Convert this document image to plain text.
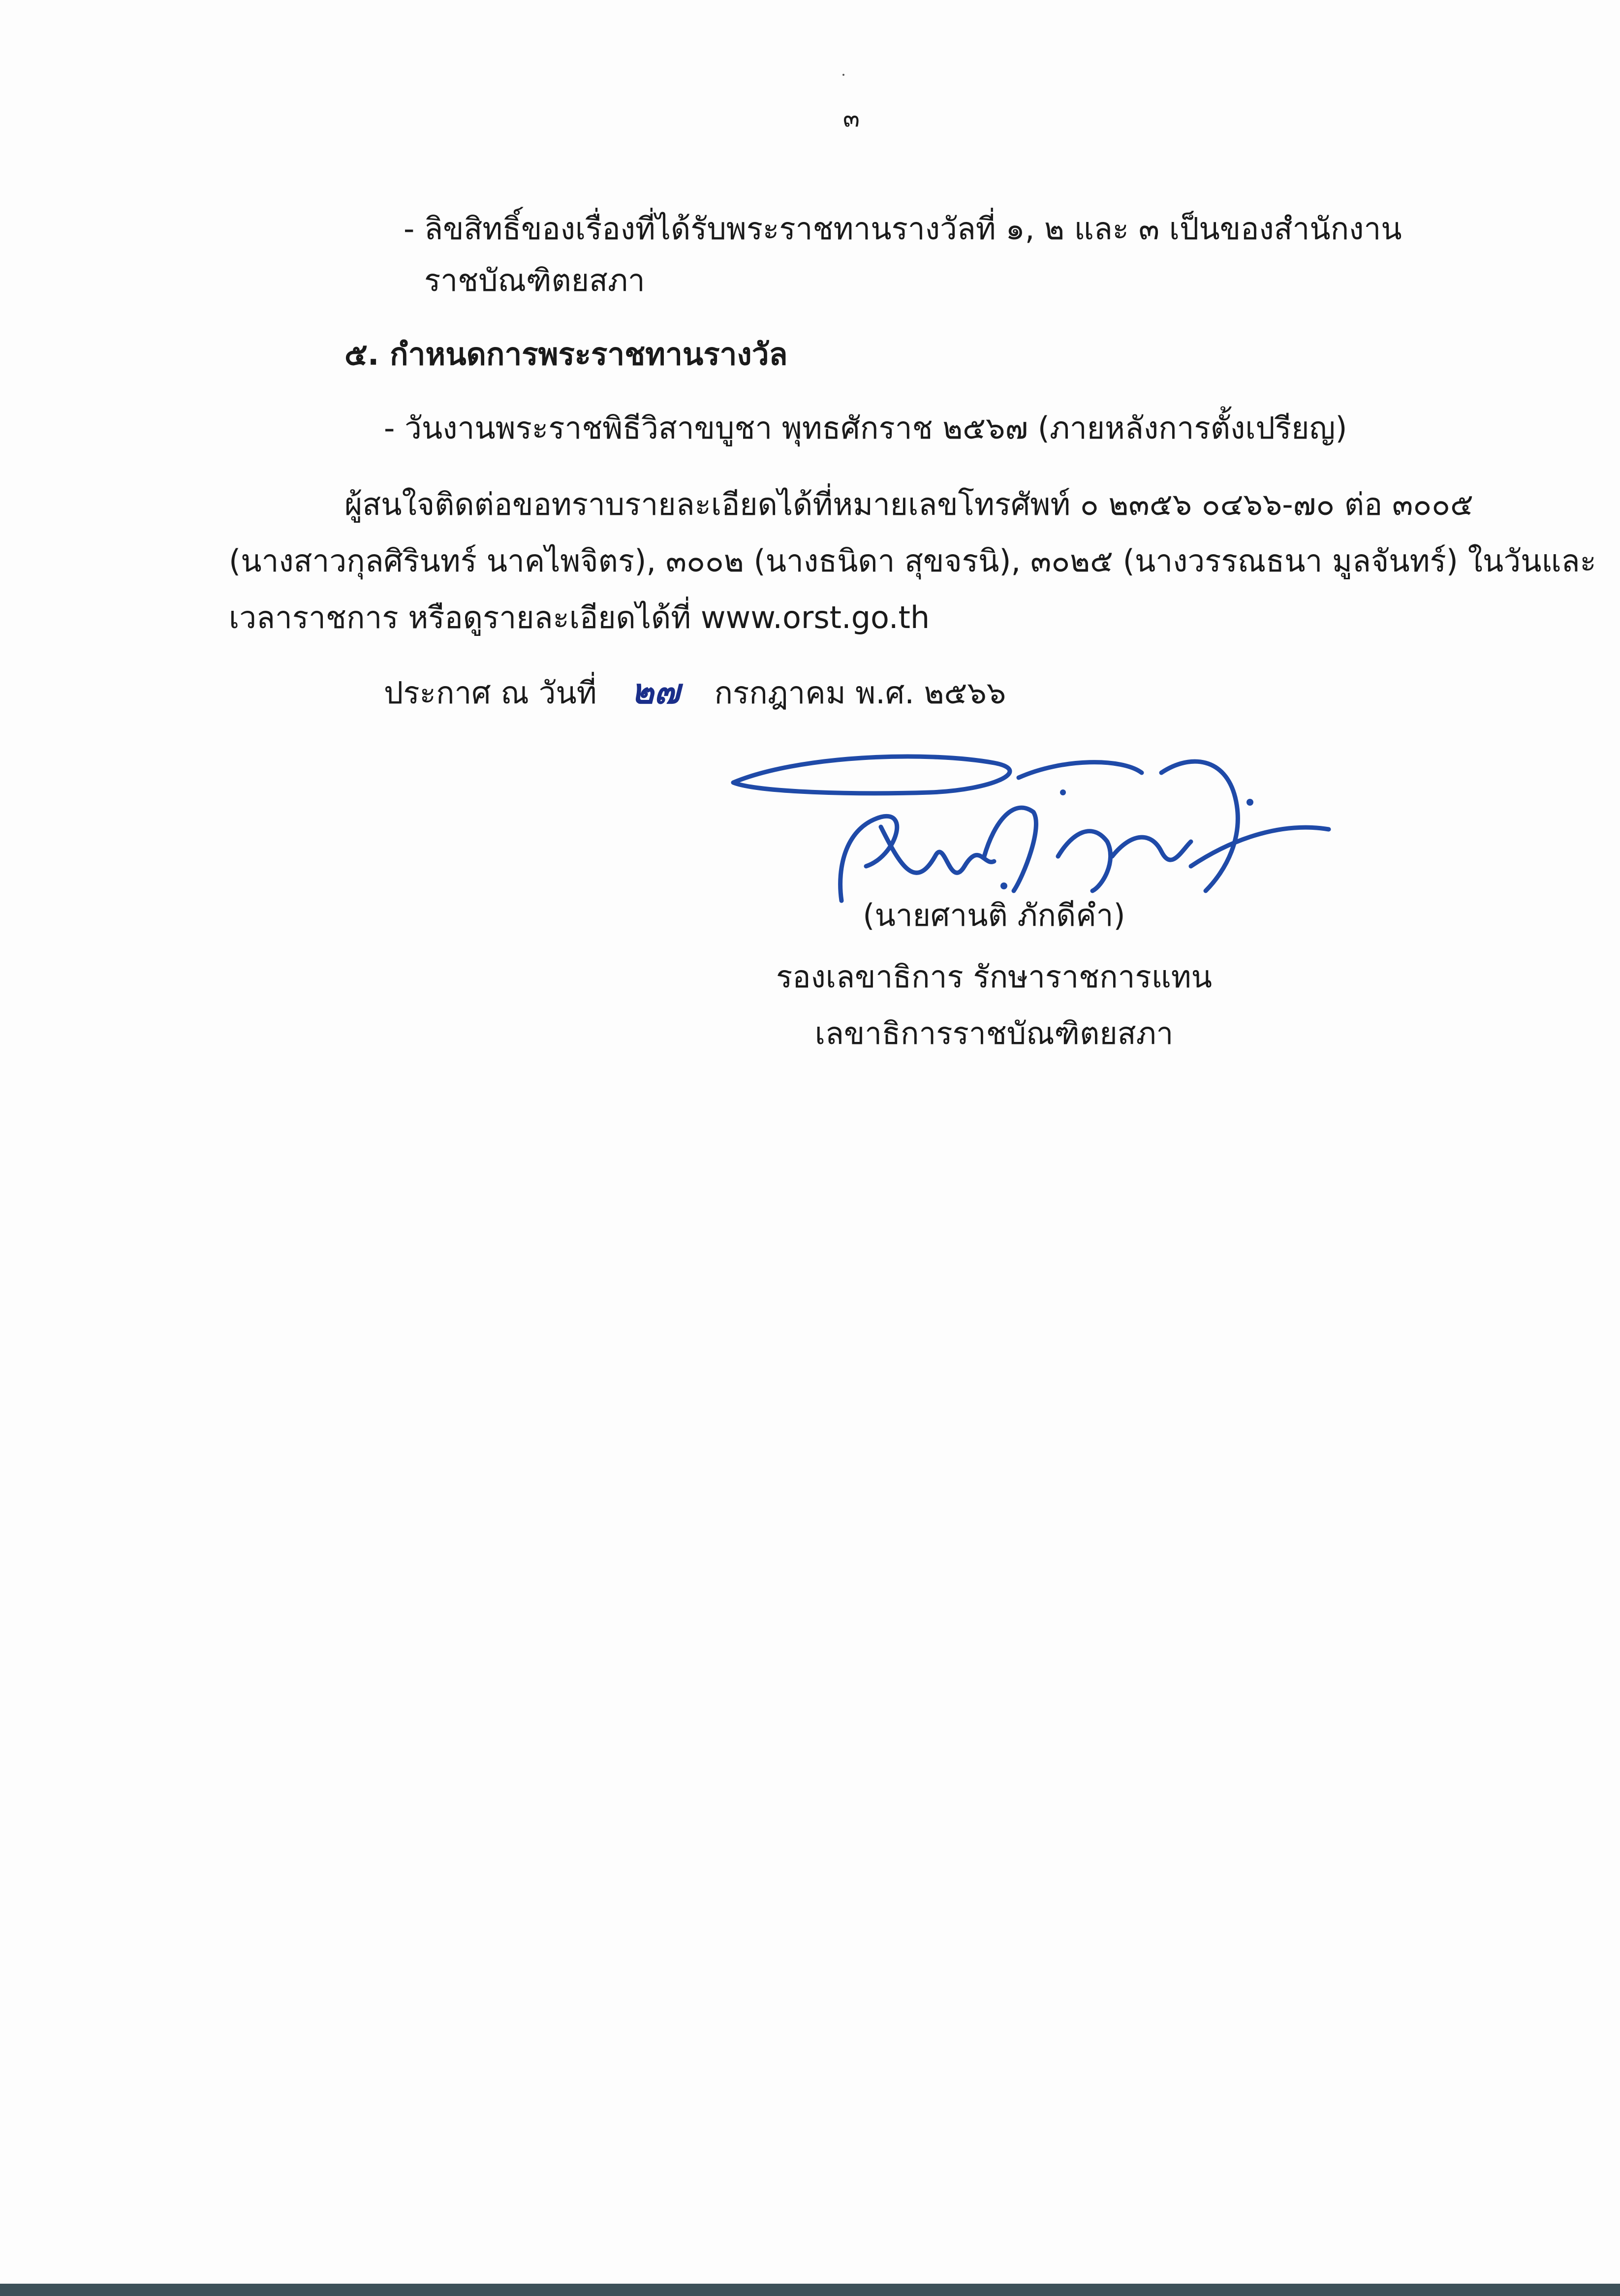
๓
- ลิขสิทธิ์ของเรื่องที่ได้รับพระราชทานรางวัลที่ ๑, ๒ และ ๓ เป็นของสำนักงาน
ราชบัณฑิตยสภา
๕. กำหนดการพระราชทานรางวัล
- วันงานพระราชพิธีวิสาขบูชา พุทธศักราช ๒๕๖๗ (ภายหลังการตั้งเปรียญ)
ผู้สนใจติดต่อขอทราบรายละเอียดได้ที่หมายเลขโทรศัพท์ ๐ ๒๓๕๖ ๐๔๖๖-๗๐ ต่อ ๓๐๐๕
(นางสาวกุลศิรินทร์ นาคไพจิตร), ๓๐๐๒ (นางธนิดา สุขจรนิ), ๓๐๒๕ (นางวรรณธนา มูลจันทร์) ในวันและ
เวลาราชการ หรือดูรายละเอียดได้ที่ www.orst.go.th
ประกาศ ณ วันที่ ๒๗ กรกฎาคม พ.ศ. ๒๕๖๖
(นายศานติ ภักดีคำ)
รองเลขาธิการ รักษาราชการแทน
เลขาธิการราชบัณฑิตยสภา
